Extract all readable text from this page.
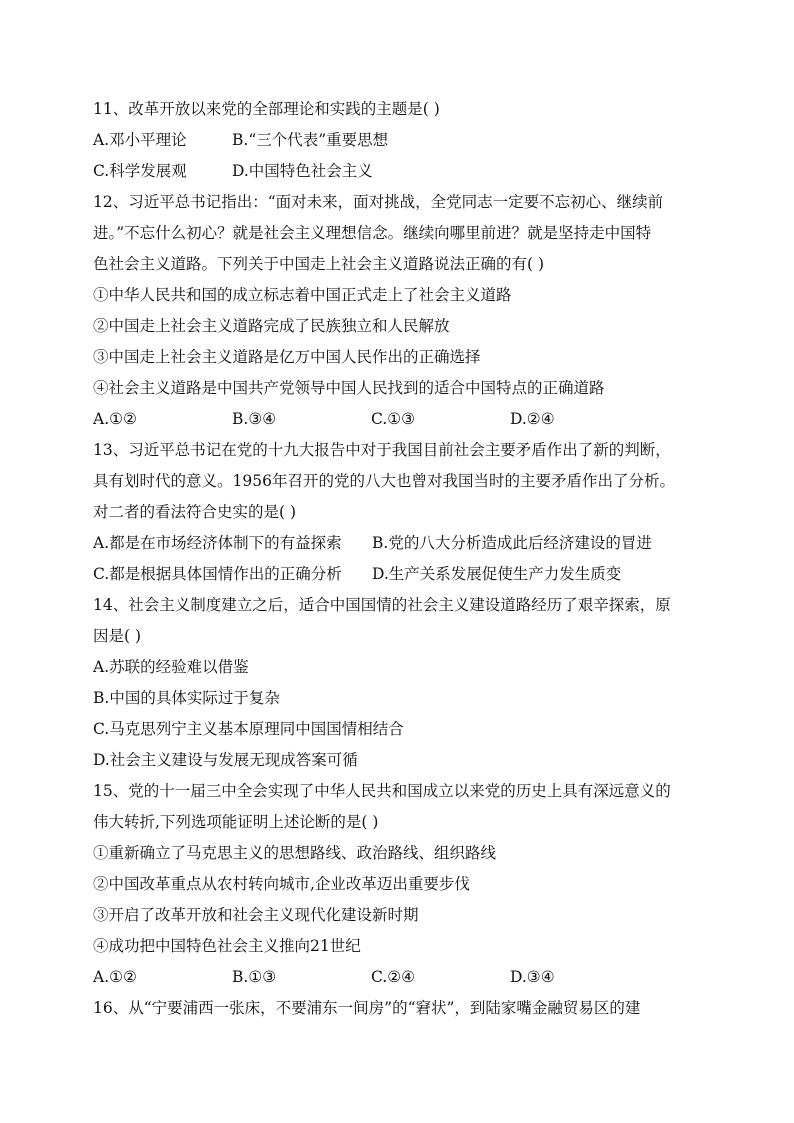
11、改革开放以来党的全部理论和实践的主题是( )
A.邓小平理论	B.“三个代表”重要思想
C.科学发展观	D.中国特色社会主义
12、习近平总书记指出：“面对未来，面对挑战，全党同志一定要不忘初心、继续前
进。”不忘什么初心？就是社会主义理想信念。继续向哪里前进？就是坚持走中国特
色社会主义道路。下列关于中国走上社会主义道路说法正确的有( )
①中华人民共和国的成立标志着中国正式走上了社会主义道路
②中国走上社会主义道路完成了民族独立和人民解放
③中国走上社会主义道路是亿万中国人民作出的正确选择
④社会主义道路是中国共产党领导中国人民找到的适合中国特点的正确道路
A.①②	B.③④	C.①③	D.②④
13、习近平总书记在党的十九大报告中对于我国目前社会主要矛盾作出了新的判断，
具有划时代的意义。1956年召开的党的八大也曾对我国当时的主要矛盾作出了分析。
对二者的看法符合史实的是( )
A.都是在市场经济体制下的有益探索	B.党的八大分析造成此后经济建设的冒进
C.都是根据具体国情作出的正确分析	D.生产关系发展促使生产力发生质变
14、社会主义制度建立之后，适合中国国情的社会主义建设道路经历了艰辛探索，原
因是( )
A.苏联的经验难以借鉴
B.中国的具体实际过于复杂
C.马克思列宁主义基本原理同中国国情相结合
D.社会主义建设与发展无现成答案可循
15、党的十一届三中全会实现了中华人民共和国成立以来党的历史上具有深远意义的
伟大转折,下列选项能证明上述论断的是( )
①重新确立了马克思主义的思想路线、政治路线、组织路线
②中国改革重点从农村转向城市,企业改革迈出重要步伐
③开启了改革开放和社会主义现代化建设新时期
④成功把中国特色社会主义推向21世纪
A.①②	B.①③	C.②④	D.③④
16、从“宁要浦西一张床，不要浦东一间房”的“窘状”，到陆家嘴金融贸易区的建
